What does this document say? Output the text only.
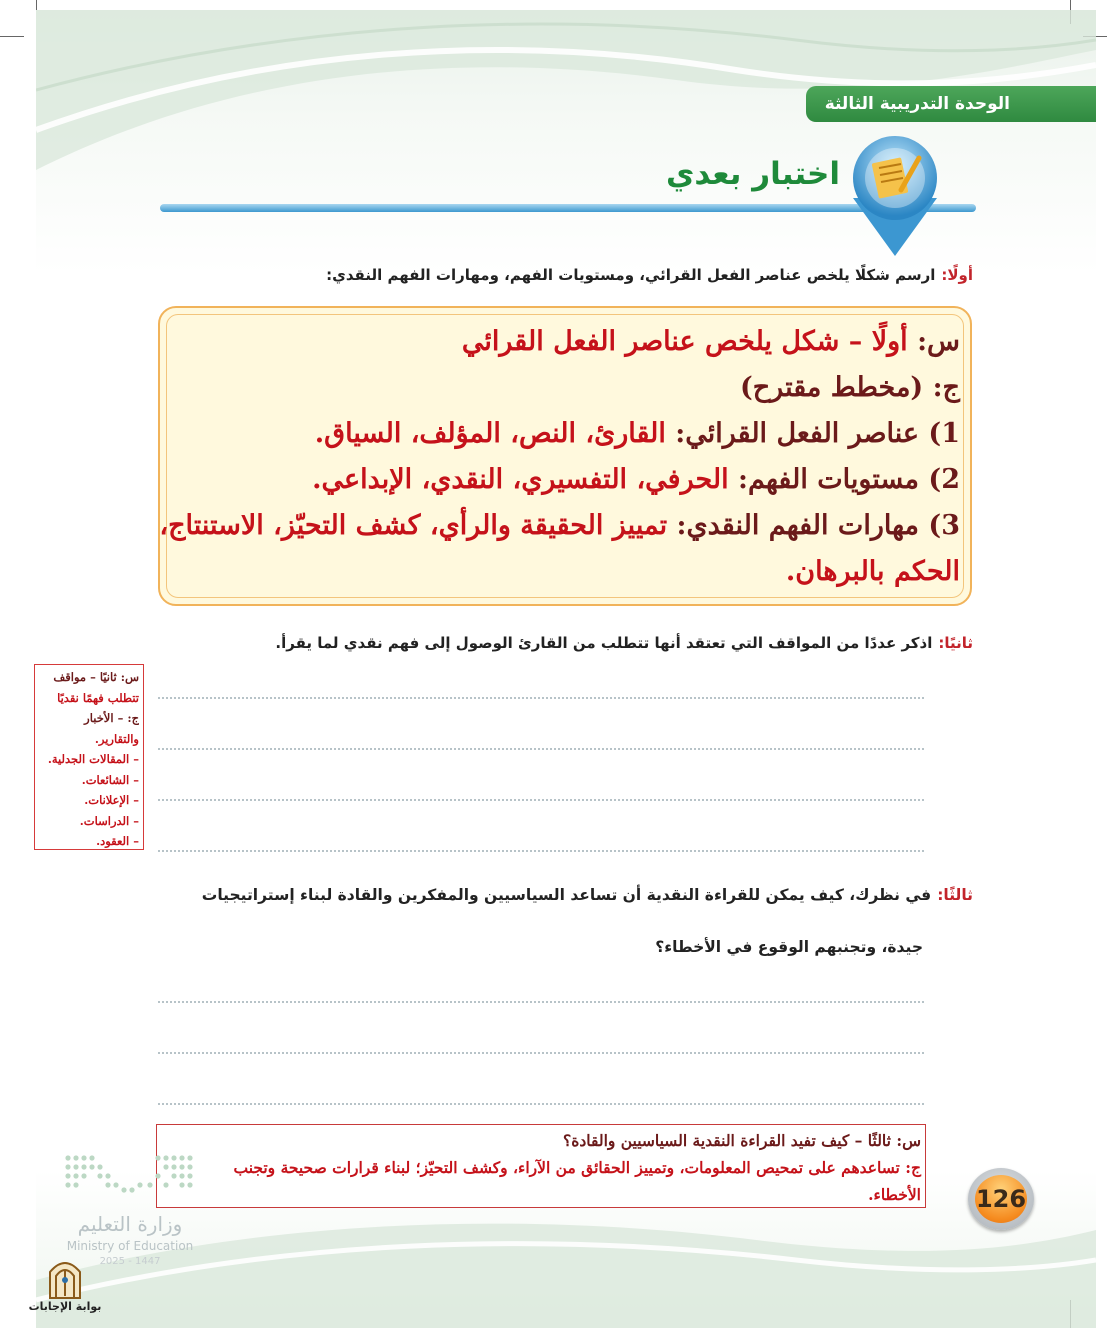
الوحدة التدريبية الثالثة
اختبار بعدي
أولًا:ارسم شكلًا يلخص عناصر الفعل القرائي، ومستويات الفهم، ومهارات الفهم النقدي:
س: أولًا – شكل يلخص عناصر الفعل القرائي
ج: (مخطط مقترح)
1) عناصر الفعل القرائي: القارئ، النص، المؤلف، السياق.
2) مستويات الفهم: الحرفي، التفسيري، النقدي، الإبداعي.
3) مهارات الفهم النقدي: تمييز الحقيقة والرأي، كشف التحيّز، الاستنتاج،
الحكم بالبرهان.
ثانيًا:اذكر عددًا من المواقف التي تعتقد أنها تتطلب من القارئ الوصول إلى فهم نقدي لما يقرأ.
س: ثانيًا – مواقف
تتطلب فهمًا نقديًا
ج: – الأخبار
والتقارير.
– المقالات الجدلية.
– الشائعات.
– الإعلانات.
– الدراسات.
– العقود.
ثالثًا:في نظرك، كيف يمكن للقراءة النقدية أن تساعد السياسيين والمفكرين والقادة لبناء إستراتيجيات
جيدة، وتجنبهم الوقوع في الأخطاء؟
س: ثالثًا – كيف تفيد القراءة النقدية السياسيين والقادة؟
ج: تساعدهم على تمحيص المعلومات، وتمييز الحقائق من الآراء، وكشف التحيّز؛ لبناء قرارات صحيحة وتجنب
الأخطاء. 126
وزارة التعليم
Ministry of Education
2025 - 1447
بوابة الإجابات
